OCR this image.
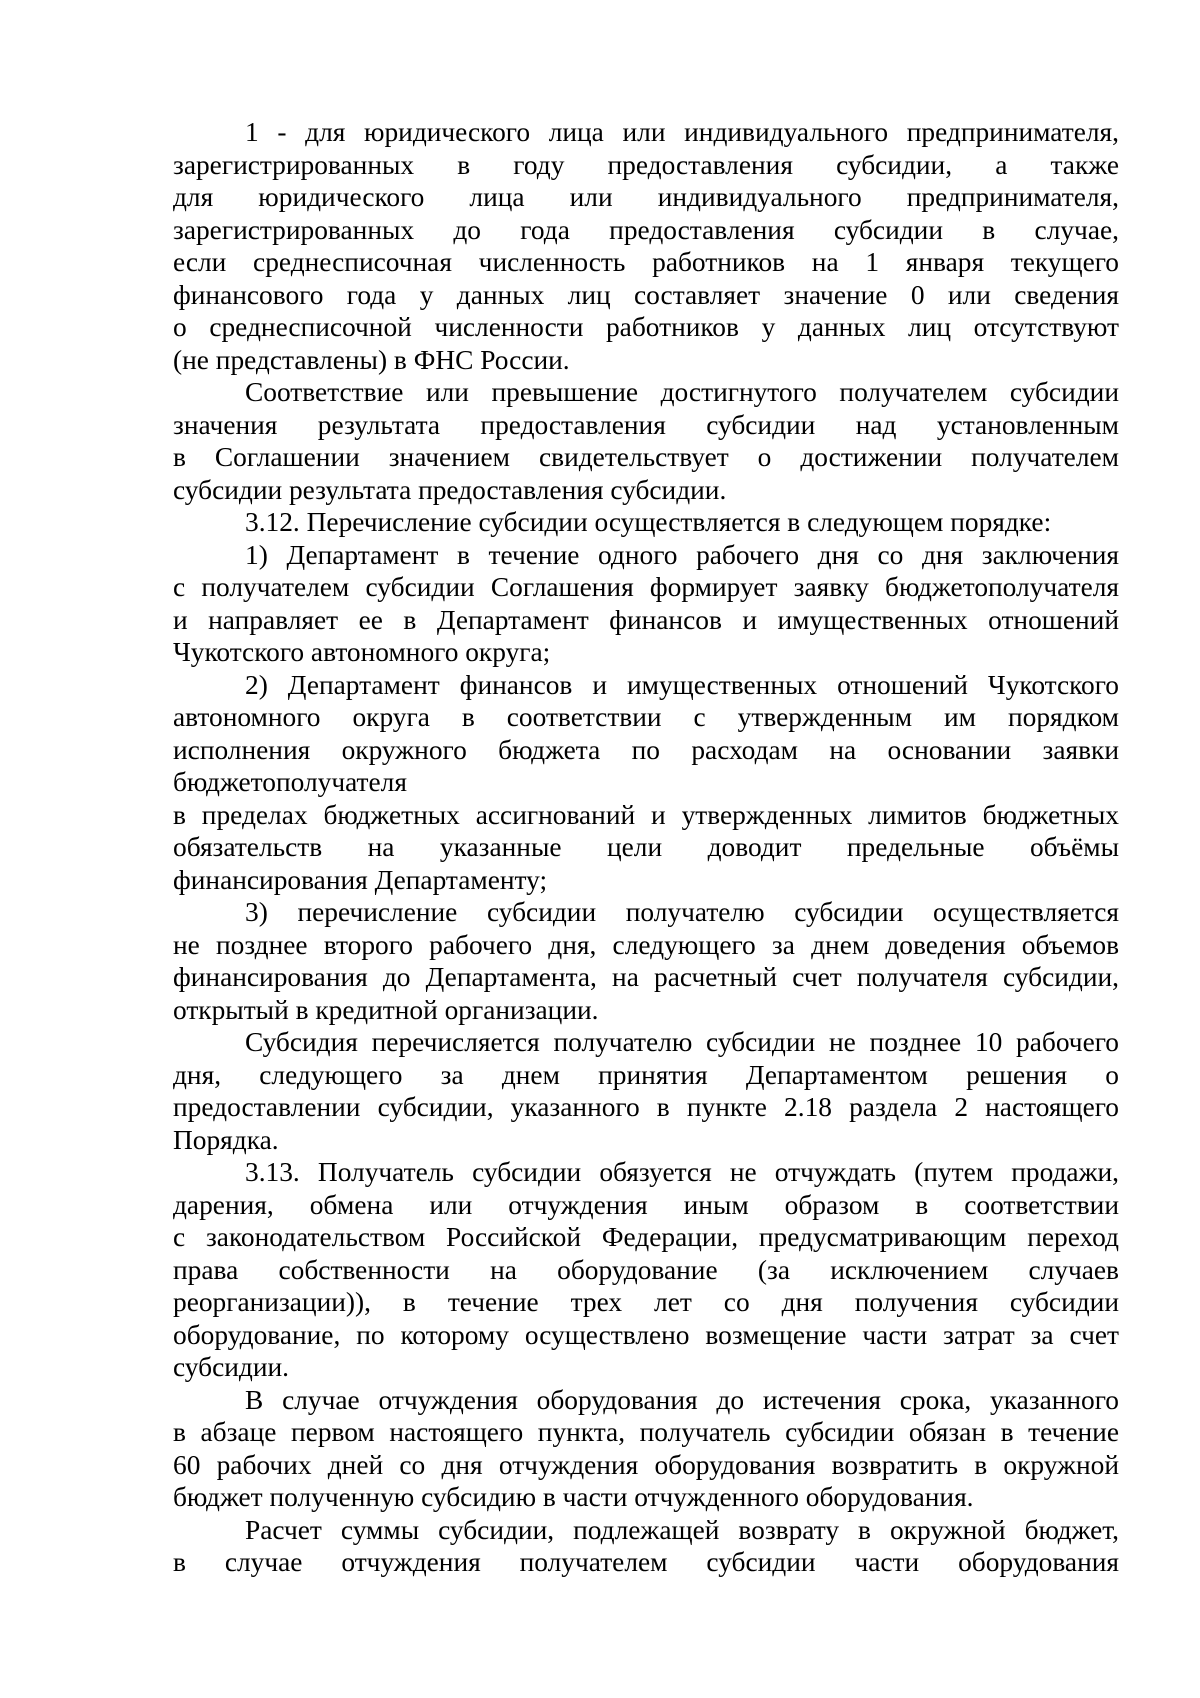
1 - для юридического лица или индивидуального предпринимателя,
зарегистрированных в году предоставления субсидии, а также
для юридического лица или индивидуального предпринимателя,
зарегистрированных до года предоставления субсидии в случае,
если среднесписочная численность работников на 1 января текущего
финансового года у данных лиц составляет значение 0 или сведения
о среднесписочной численности работников у данных лиц отсутствуют
(не представлены) в ФНС России.
Соответствие или превышение достигнутого получателем субсидии
значения результата предоставления субсидии над установленным
в Соглашении значением свидетельствует о достижении получателем
субсидии результата предоставления субсидии.
3.12. Перечисление субсидии осуществляется в следующем порядке:
1) Департамент в течение одного рабочего дня со дня заключения
с получателем субсидии Соглашения формирует заявку бюджетополучателя
и направляет ее в Департамент финансов и имущественных отношений
Чукотского автономного округа;
2) Департамент финансов и имущественных отношений Чукотского
автономного округа в соответствии с утвержденным им порядком
исполнения окружного бюджета по расходам на основании заявки
бюджетополучателя
в пределах бюджетных ассигнований и утвержденных лимитов бюджетных
обязательств на указанные цели доводит предельные объёмы
финансирования Департаменту;
3) перечисление субсидии получателю субсидии осуществляется
не позднее второго рабочего дня, следующего за днем доведения объемов
финансирования до Департамента, на расчетный счет получателя субсидии,
открытый в кредитной организации.
Субсидия перечисляется получателю субсидии не позднее 10 рабочего
дня, следующего за днем принятия Департаментом решения о
предоставлении субсидии, указанного в пункте 2.18 раздела 2 настоящего
Порядка.
3.13. Получатель субсидии обязуется не отчуждать (путем продажи,
дарения, обмена или отчуждения иным образом в соответствии
с законодательством Российской Федерации, предусматривающим переход
права собственности на оборудование (за исключением случаев
реорганизации)), в течение трех лет со дня получения субсидии
оборудование, по которому осуществлено возмещение части затрат за счет
субсидии.
В случае отчуждения оборудования до истечения срока, указанного
в абзаце первом настоящего пункта, получатель субсидии обязан в течение
60 рабочих дней со дня отчуждения оборудования возвратить в окружной
бюджет полученную субсидию в части отчужденного оборудования.
Расчет суммы субсидии, подлежащей возврату в окружной бюджет,
в случае отчуждения получателем субсидии части оборудования
